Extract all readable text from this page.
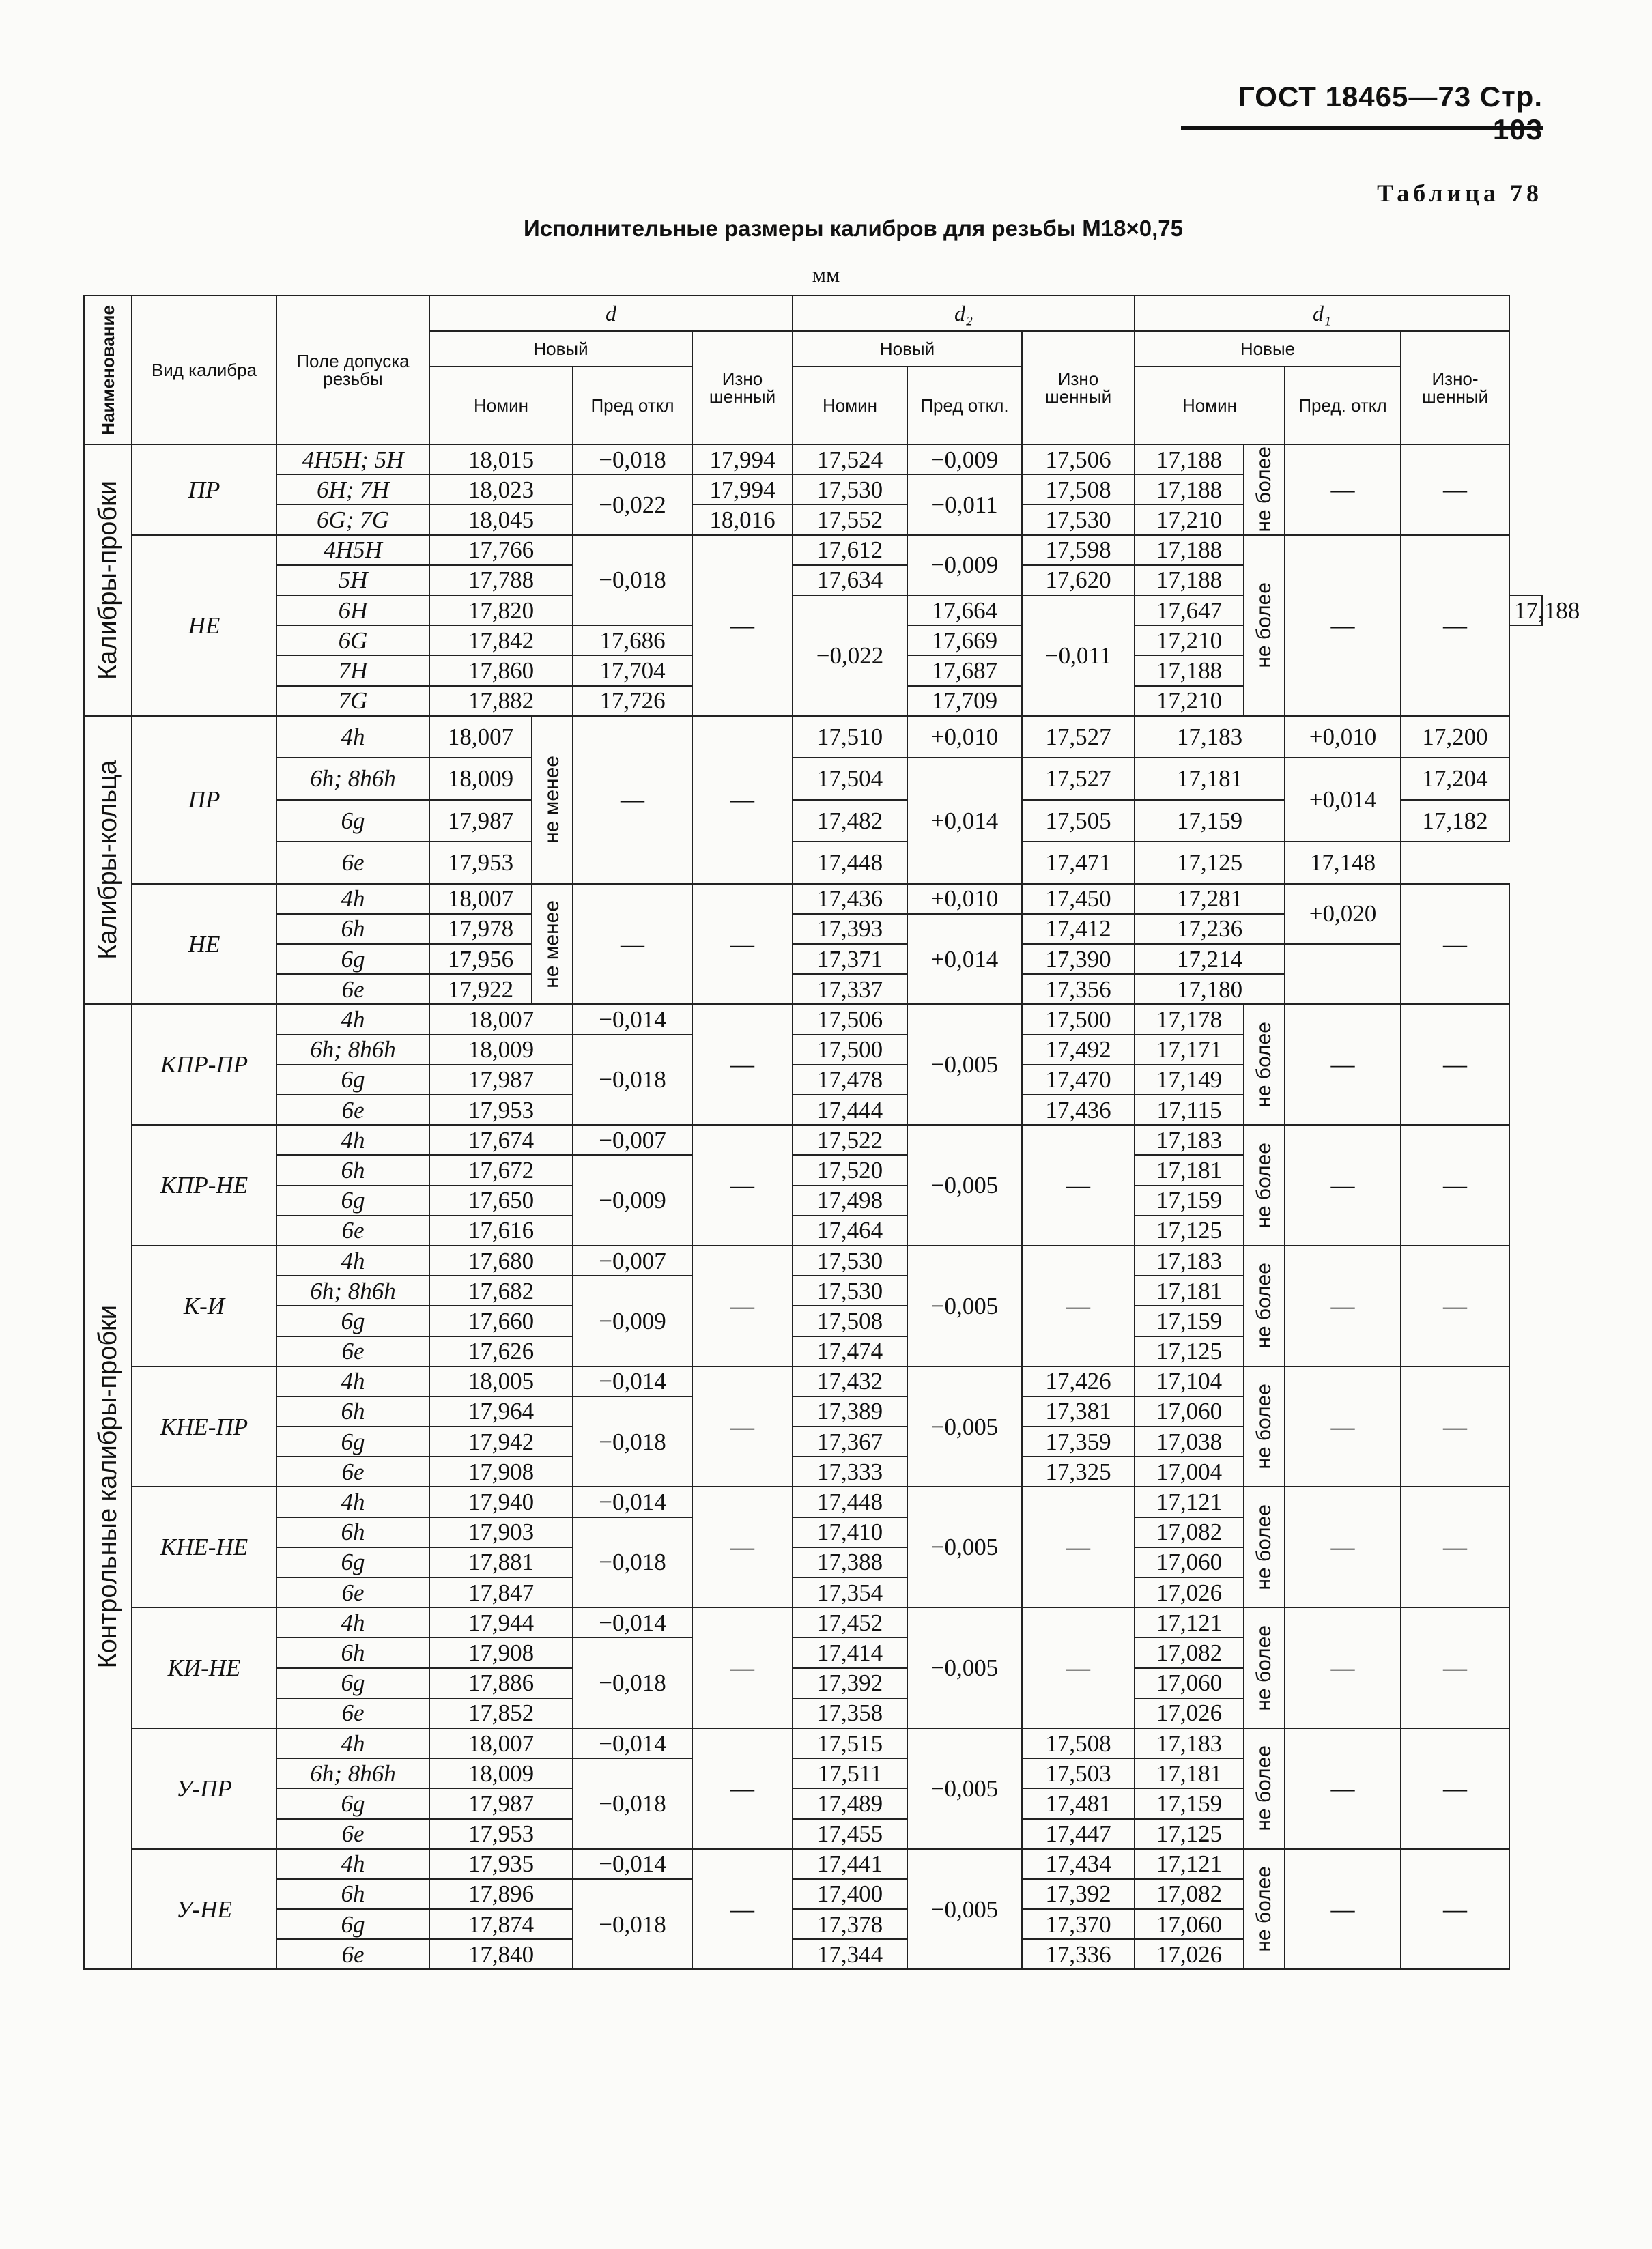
ГОСТ 18465—73 Стр. 103
Таблица 78
Исполнительные размеры калибров для резьбы М18×0,75
мм
Наименование	Вид калибра	Поле допуска резьбы	d				d₂			d₁				
			Новый			Изно шенный	Новый		Изно шенный	Новые			Изно- шенный	
			Номин		Пред откл		Номин	Пред откл.		Номин		Пред. откл		

Калибры-пробки	ПР	4H5H; 5H	18,015		−0,018	17,994	17,524	−0,009	17,506	17,188	не более	—	—	
		6H; 7H	18,023		−0,022	17,994	17,530	−0,011	17,508	17,188				
		6G; 7G	18,045			18,016	17,552		17,530	17,210				
	НЕ	4H5H	17,766		−0,018	—	17,612	−0,009	17,598	17,188	не более	—	—	
		5H	17,788				17,634		17,620	17,188				
		6H	17,820				−0,022	17,664	−0,011	17,647				17,188
		6G	17,842		17,686			17,669		17,210				
		7H	17,860		17,704			17,687		17,188				
		7G	17,882		17,726			17,709		17,210				

Калибры-кольца	ПР	4h	18,007	не менее	—	—	17,510	+0,010	17,527	17,183		+0,010	17,200	
		6h; 8h6h	18,009				17,504	+0,014	17,527	17,181		+0,014	17,204	
		6g	17,987				17,482		17,505	17,159			17,182	
		6e	17,953				17,448		17,471	17,125		17,148		
	НЕ	4h	18,007	не менее	—	—	17,436	+0,010	17,450	17,281		+0,020	—	
		6h	17,978				17,393	+0,014	17,412	17,236				
		6g	17,956				17,371		17,390	17,214				
		6e	17,922				17,337		17,356	17,180				

Контрольные калибры-пробки	КПР-ПР	4h	18,007		−0,014	—	17,506	−0,005	17,500	17,178	не более	—	—	
		6h; 8h6h	18,009		−0,018		17,500		17,492	17,171				
		6g	17,987				17,478		17,470	17,149				
		6e	17,953				17,444		17,436	17,115				
	КПР-НЕ	4h	17,674		−0,007	—	17,522	−0,005	—	17,183	не более	—	—	
		6h	17,672		−0,009		17,520			17,181				
		6g	17,650				17,498			17,159				
		6e	17,616				17,464			17,125				
	К-И	4h	17,680		−0,007	—	17,530	−0,005	—	17,183	не более	—	—	
		6h; 8h6h	17,682		−0,009		17,530			17,181				
		6g	17,660				17,508			17,159				
		6e	17,626				17,474			17,125				
	КНЕ-ПР	4h	18,005		−0,014	—	17,432	−0,005	17,426	17,104	не более	—	—	
		6h	17,964		−0,018		17,389		17,381	17,060				
		6g	17,942				17,367		17,359	17,038				
		6e	17,908				17,333		17,325	17,004				
	КНЕ-НЕ	4h	17,940		−0,014	—	17,448	−0,005	—	17,121	не более	—	—	
		6h	17,903		−0,018		17,410			17,082				
		6g	17,881				17,388			17,060				
		6e	17,847				17,354			17,026				
	КИ-НЕ	4h	17,944		−0,014	—	17,452	−0,005	—	17,121	не более	—	—	
		6h	17,908		−0,018		17,414			17,082				
		6g	17,886				17,392			17,060				
		6e	17,852				17,358			17,026				
	У-ПР	4h	18,007		−0,014	—	17,515	−0,005	17,508	17,183	не более	—	—	
		6h; 8h6h	18,009		−0,018		17,511		17,503	17,181				
		6g	17,987				17,489		17,481	17,159				
		6e	17,953				17,455		17,447	17,125				
	У-НЕ	4h	17,935		−0,014	—	17,441	−0,005	17,434	17,121	не более	—	—	
		6h	17,896		−0,018		17,400		17,392	17,082				
		6g	17,874				17,378		17,370	17,060				
		6e	17,840				17,344		17,336	17,026				
